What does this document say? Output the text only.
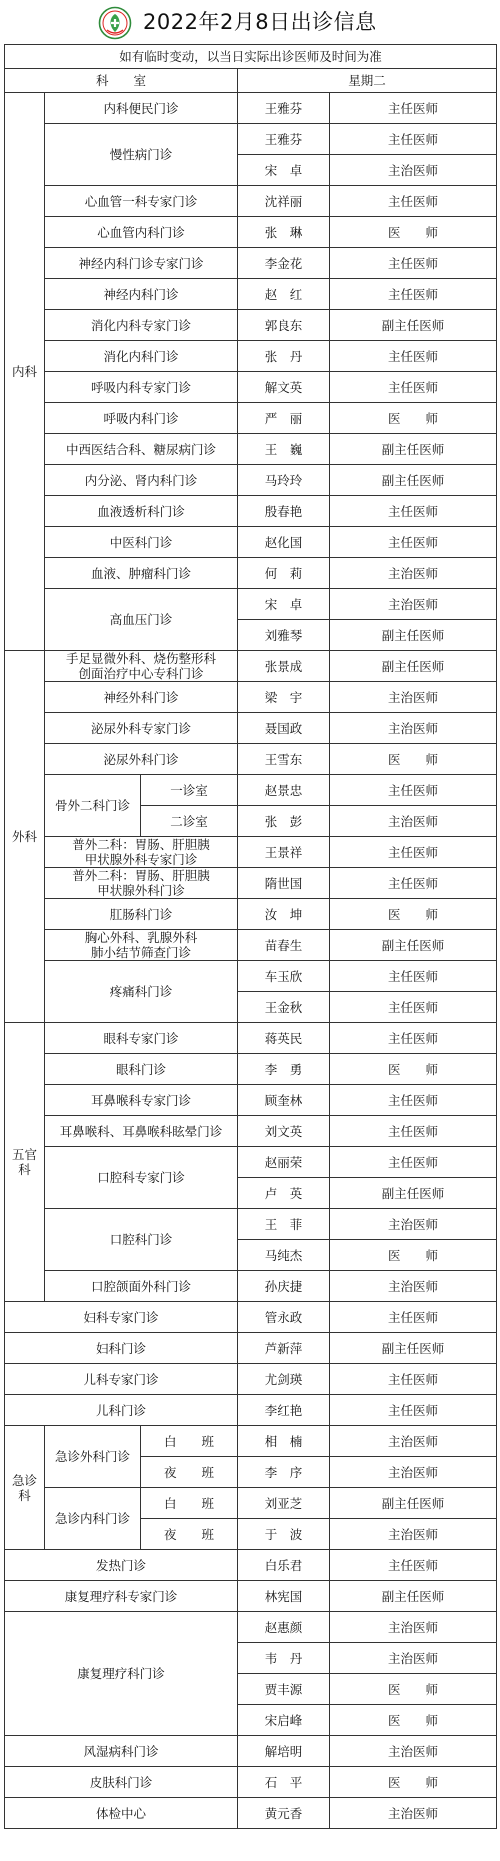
2022年2月8日出诊信息
如有临时变动，以当日实际出诊医师及时间为准				
科　　室			星期二	
内科	内科便民门诊		王雅芬	主任医师
	慢性病门诊		王雅芬	主任医师
			宋　卓	主治医师
	心血管一科专家门诊		沈祥丽	主任医师
	心血管内科门诊		张　琳	医　　师
	神经内科门诊专家门诊		李金花	主任医师
	神经内科门诊		赵　红	主任医师
	消化内科专家门诊		郭良东	副主任医师
	消化内科门诊		张　丹	主任医师
	呼吸内科专家门诊		解文英	主任医师
	呼吸内科门诊		严　丽	医　　师
	中西医结合科、糖尿病门诊		王　巍	副主任医师
	内分泌、肾内科门诊		马玲玲	副主任医师
	血液透析科门诊		殷春艳	主任医师
	中医科门诊		赵化国	主任医师
	血液、肿瘤科门诊		何　莉	主治医师
	高血压门诊		宋　卓	主治医师
			刘雅琴	副主任医师
外科	手足显微外科、烧伤整形科
创面治疗中心专科门诊		张景成	副主任医师
	神经外科门诊		梁　宇	主治医师
	泌尿外科专家门诊		聂国政	主治医师
	泌尿外科门诊		王雪东	医　　师
	骨外二科门诊	一诊室	赵景忠	主任医师
		二诊室	张　彭	主治医师
	普外二科：胃肠、肝胆胰
甲状腺外科专家门诊		王景祥	主任医师
	普外二科：胃肠、肝胆胰
甲状腺外科门诊		隋世国	主任医师
	肛肠科门诊		汝　坤	医　　师
	胸心外科、乳腺外科
肺小结节筛查门诊		苗春生	副主任医师
	疼痛科门诊		车玉欣	主任医师
			王金秋	主任医师
五官科	眼科专家门诊		蒋英民	主任医师
	眼科门诊		李　勇	医　　师
	耳鼻喉科专家门诊		顾奎林	主任医师
	耳鼻喉科、耳鼻喉科眩晕门诊		刘文英	主任医师
	口腔科专家门诊		赵丽荣	主任医师
			卢　英	副主任医师
	口腔科门诊		王　菲	主治医师
			马纯杰	医　　师
	口腔颌面外科门诊		孙庆捷	主治医师
妇科专家门诊			管永政	主任医师
妇科门诊			芦新萍	副主任医师
儿科专家门诊			尤剑瑛	主任医师
儿科门诊			李红艳	主任医师
急诊科	急诊外科门诊	白　　班	相　楠	主治医师
		夜　　班	李　序	主治医师
	急诊内科门诊	白　　班	刘亚芝	副主任医师
		夜　　班	于　波	主治医师
发热门诊			白乐君	主任医师
康复理疗科专家门诊			林宪国	副主任医师
康复理疗科门诊			赵惠颜	主治医师
			韦　丹	主治医师
			贾丰源	医　　师
			宋启峰	医　　师
风湿病科门诊			解培明	主治医师
皮肤科门诊			石　平	医　　师
体检中心			黄元香	主治医师
